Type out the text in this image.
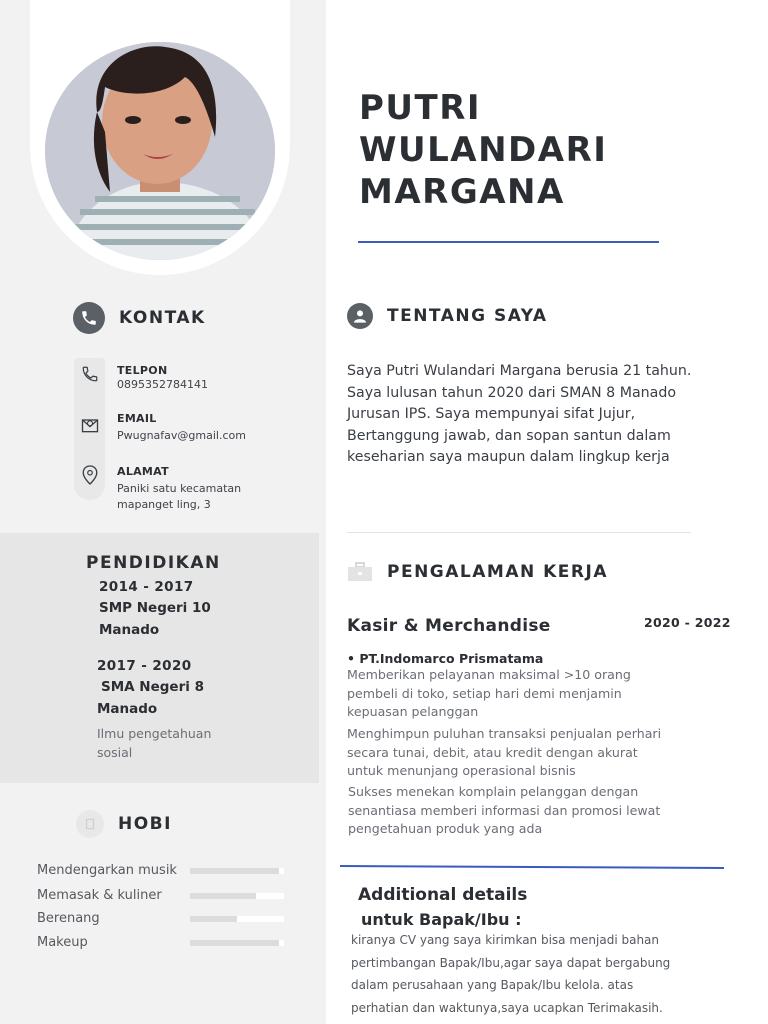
KONTAK
TELPON
0895352784141
EMAIL
Pwugnafav@gmail.com
ALAMAT
Paniki satu kecamatan
mapanget ling, 3
PENDIDIKAN
2014 - 2017
SMP Negeri 10
Manado
2017 - 2020
SMA Negeri 8
Manado
Ilmu pengetahuan
sosial
HOBI
Mendengarkan musik
Memasak & kuliner
Berenang
Makeup
PUTRI
WULANDARI
MARGANA
TENTANG SAYA
Saya Putri Wulandari Margana berusia 21 tahun.
Saya lulusan tahun 2020 dari SMAN 8 Manado
Jurusan IPS. Saya mempunyai sifat Jujur,
Bertanggung jawab, dan sopan santun dalam
keseharian saya maupun dalam lingkup kerja
PENGALAMAN KERJA
Kasir & Merchandise	2020 - 2022
• PT.Indomarco Prismatama
Memberikan pelayanan maksimal >10 orang
pembeli di toko, setiap hari demi menjamin
kepuasan pelanggan
Menghimpun puluhan transaksi penjualan perhari
secara tunai, debit, atau kredit dengan akurat
untuk menunjang operasional bisnis
Sukses menekan komplain pelanggan dengan
senantiasa memberi informasi dan promosi lewat
pengetahuan produk yang ada
Additional details
untuk Bapak/Ibu :
kiranya CV yang saya kirimkan bisa menjadi bahan
pertimbangan Bapak/Ibu,agar saya dapat bergabung
dalam perusahaan yang Bapak/Ibu kelola. atas
perhatian dan waktunya,saya ucapkan Terimakasih.
